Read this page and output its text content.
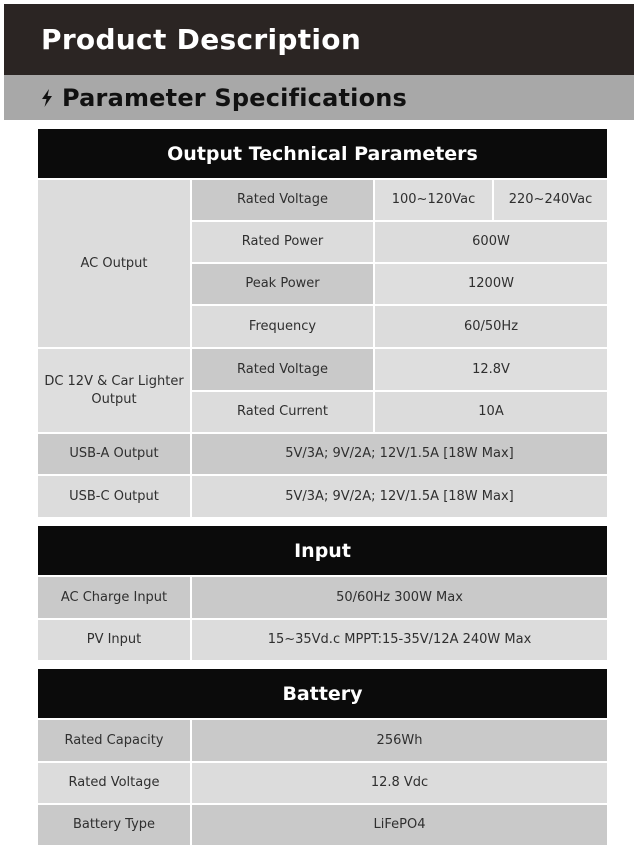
Product Description
Parameter Specifications
Output Technical Parameters
AC Output
Rated Voltage	100~120Vac	220~240Vac
Rated Power	600W
Peak Power	1200W
Frequency	60/50Hz
DC 12V & Car Lighter Output
Rated Voltage	12.8V
Rated Current	10A
USB-A Output	5V/3A; 9V/2A; 12V/1.5A [18W Max]
USB-C Output	5V/3A; 9V/2A; 12V/1.5A [18W Max]
Input
AC Charge Input	50/60Hz 300W Max
PV Input	15~35Vd.c MPPT:15-35V/12A 240W Max
Battery
Rated Capacity	256Wh
Rated Voltage	12.8 Vdc
Battery Type	LiFePO4
